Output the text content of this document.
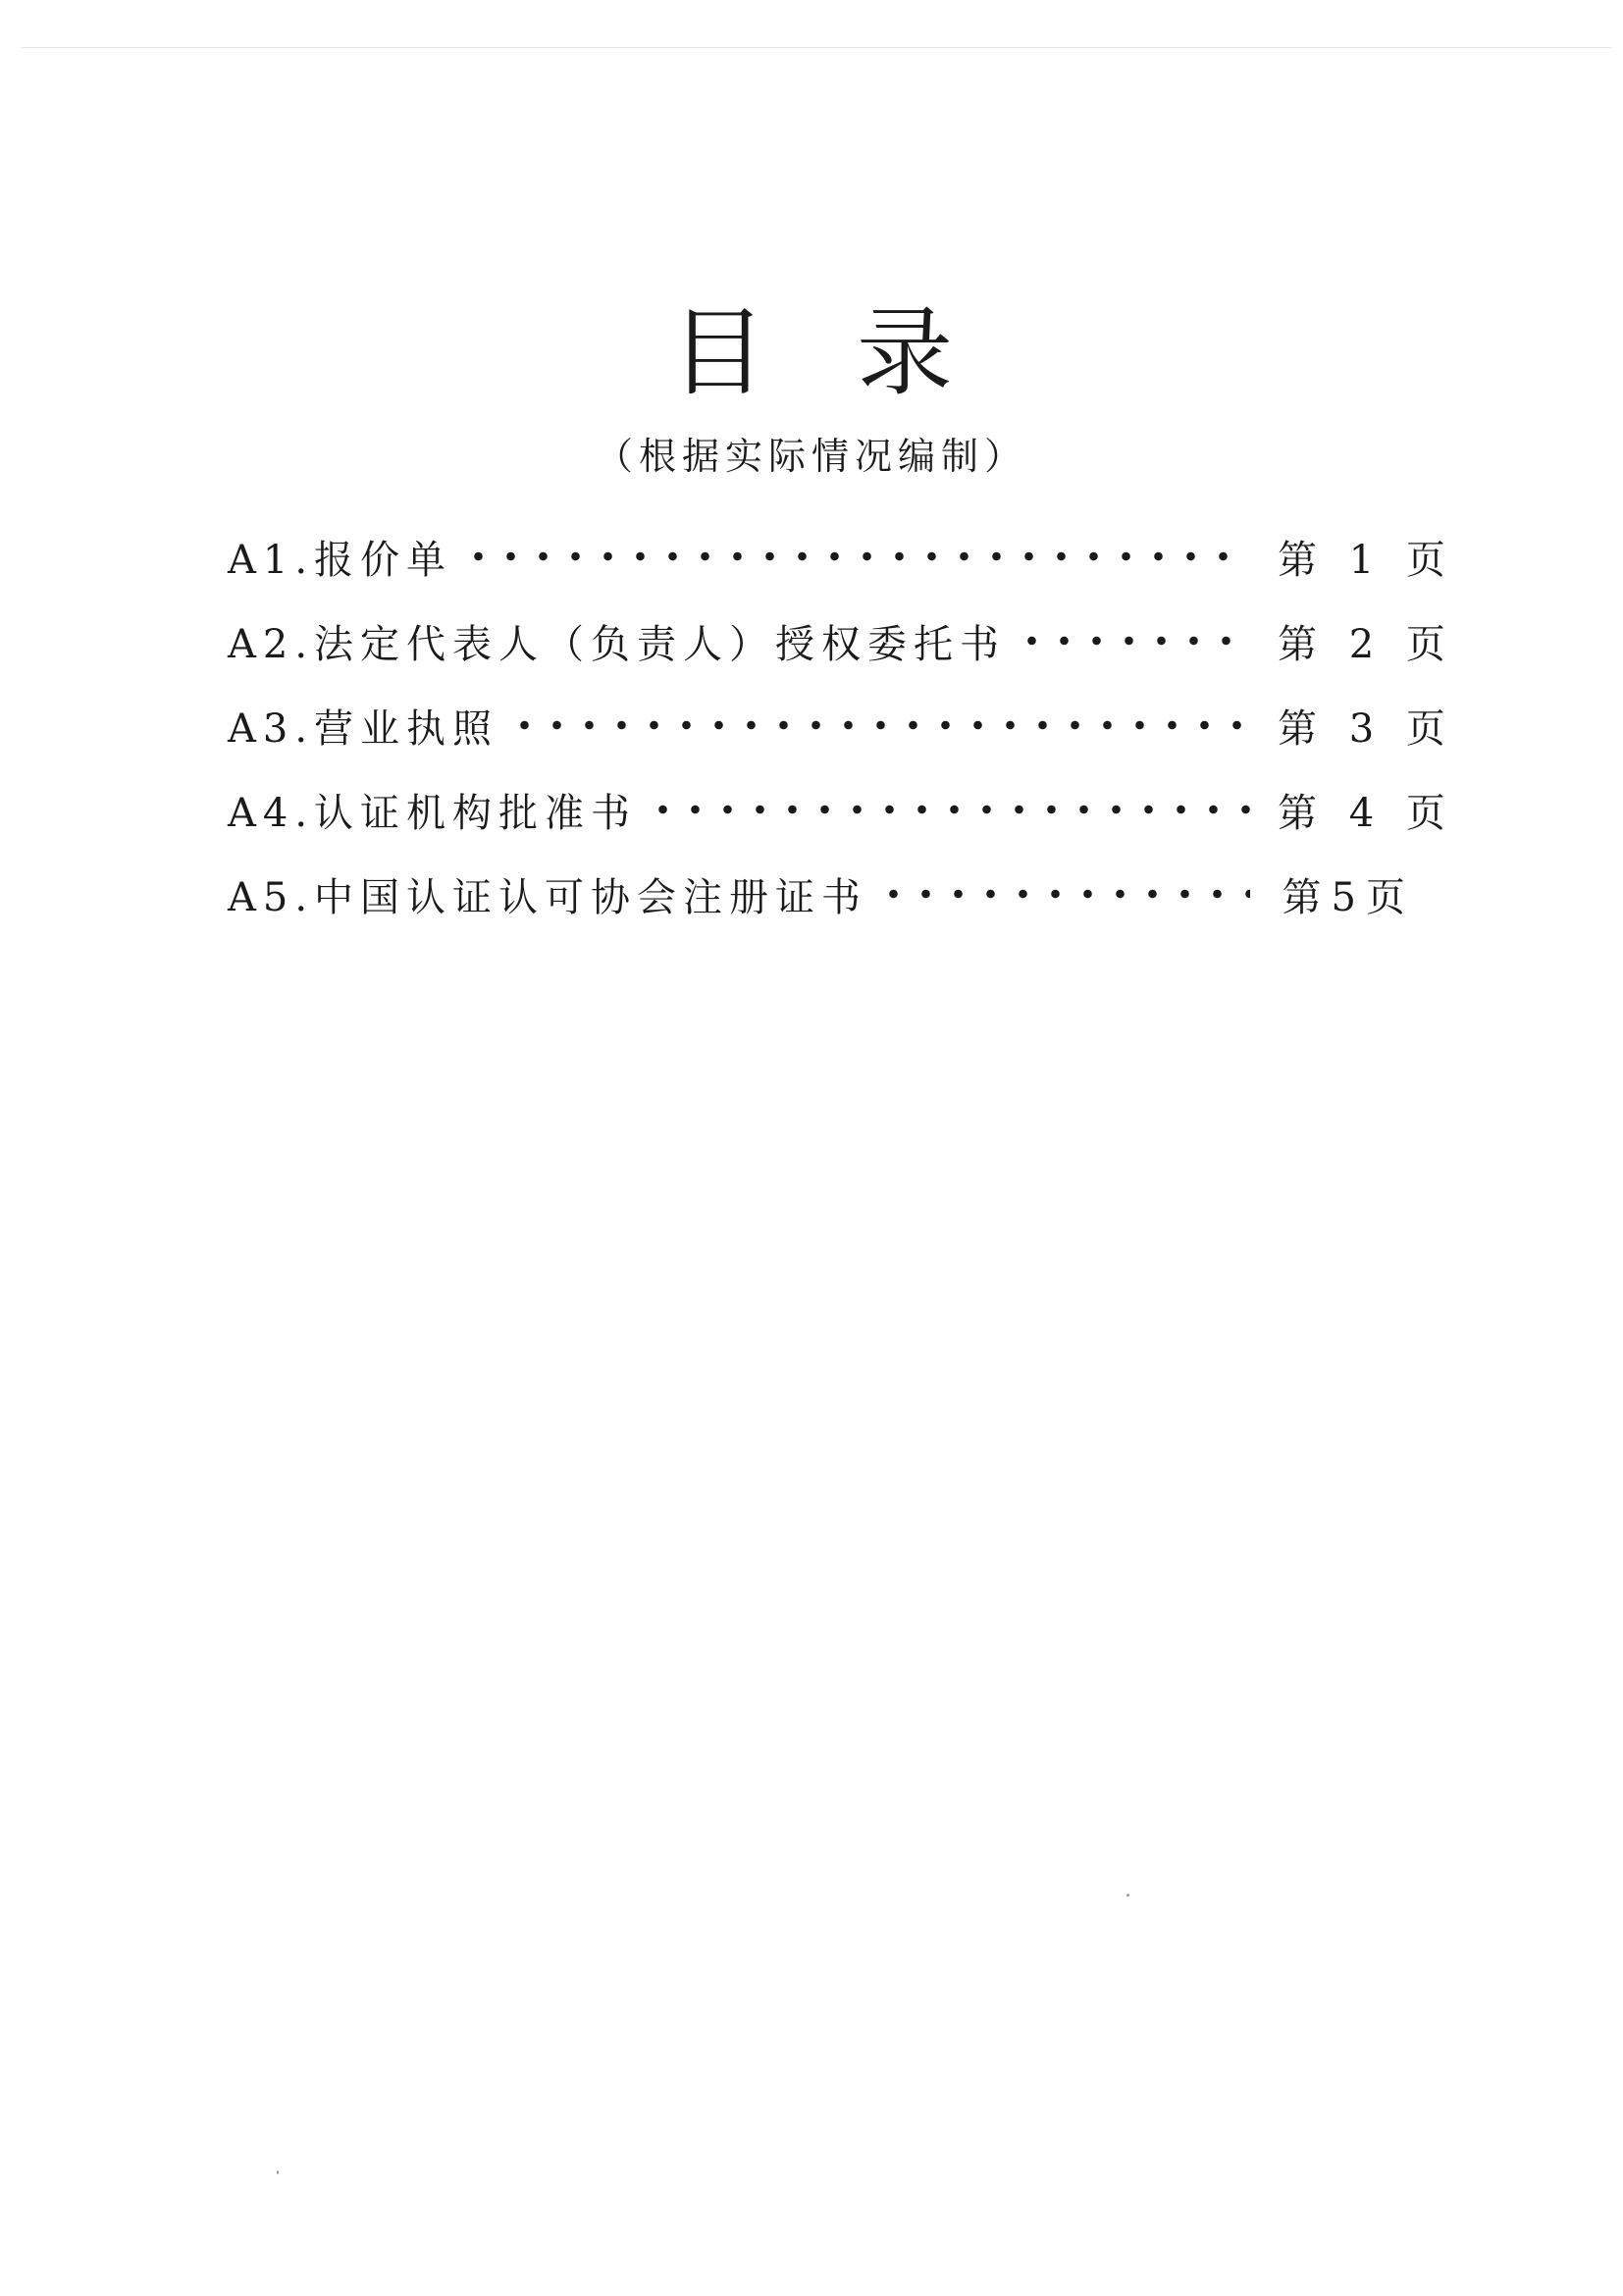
目录
（根据实际情况编制）
A1.报价单	第 1 页
A2.法定代表人（负责人）授权委托书	第 2 页
A3.营业执照	第 3 页
A4.认证机构批准书	第 4 页
A5.中国认证认可协会注册证书	第5页
